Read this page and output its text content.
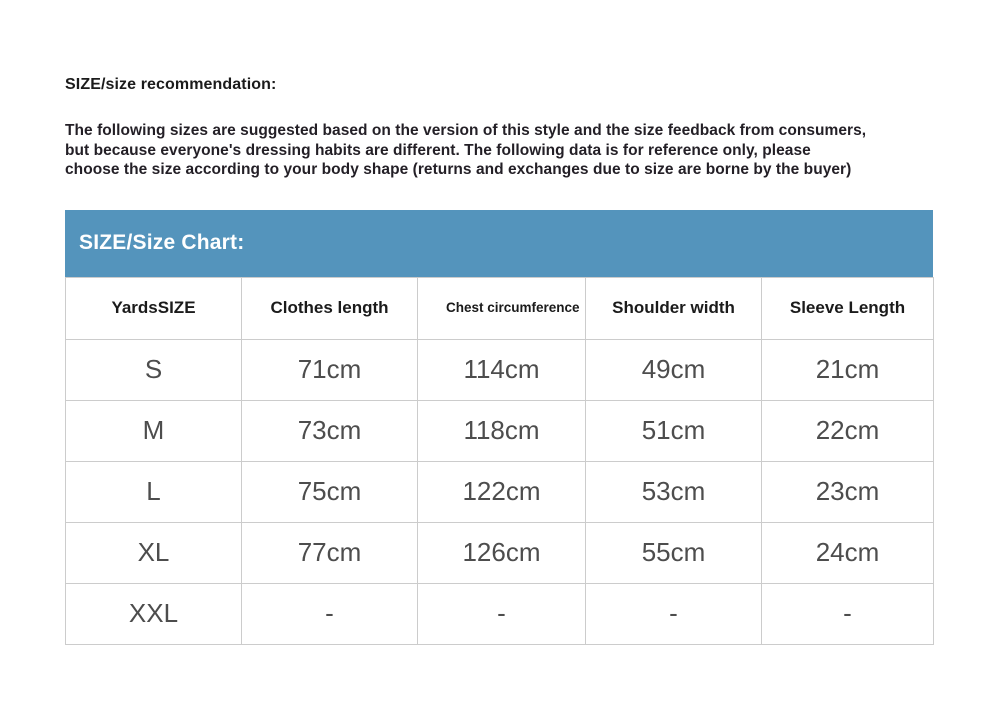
SIZE/size recommendation:
The following sizes are suggested based on the version of this style and the size feedback from consumers,
but because everyone's dressing habits are different. The following data is for reference only, please
choose the size according to your body shape (returns and exchanges due to size are borne by the buyer)
SIZE/Size Chart:
YardsSIZE	Clothes length	Chest circumference	Shoulder width	Sleeve Length
S	71cm	114cm	49cm	21cm
M	73cm	118cm	51cm	22cm
L	75cm	122cm	53cm	23cm
XL	77cm	126cm	55cm	24cm
XXL	-	-	-	-
